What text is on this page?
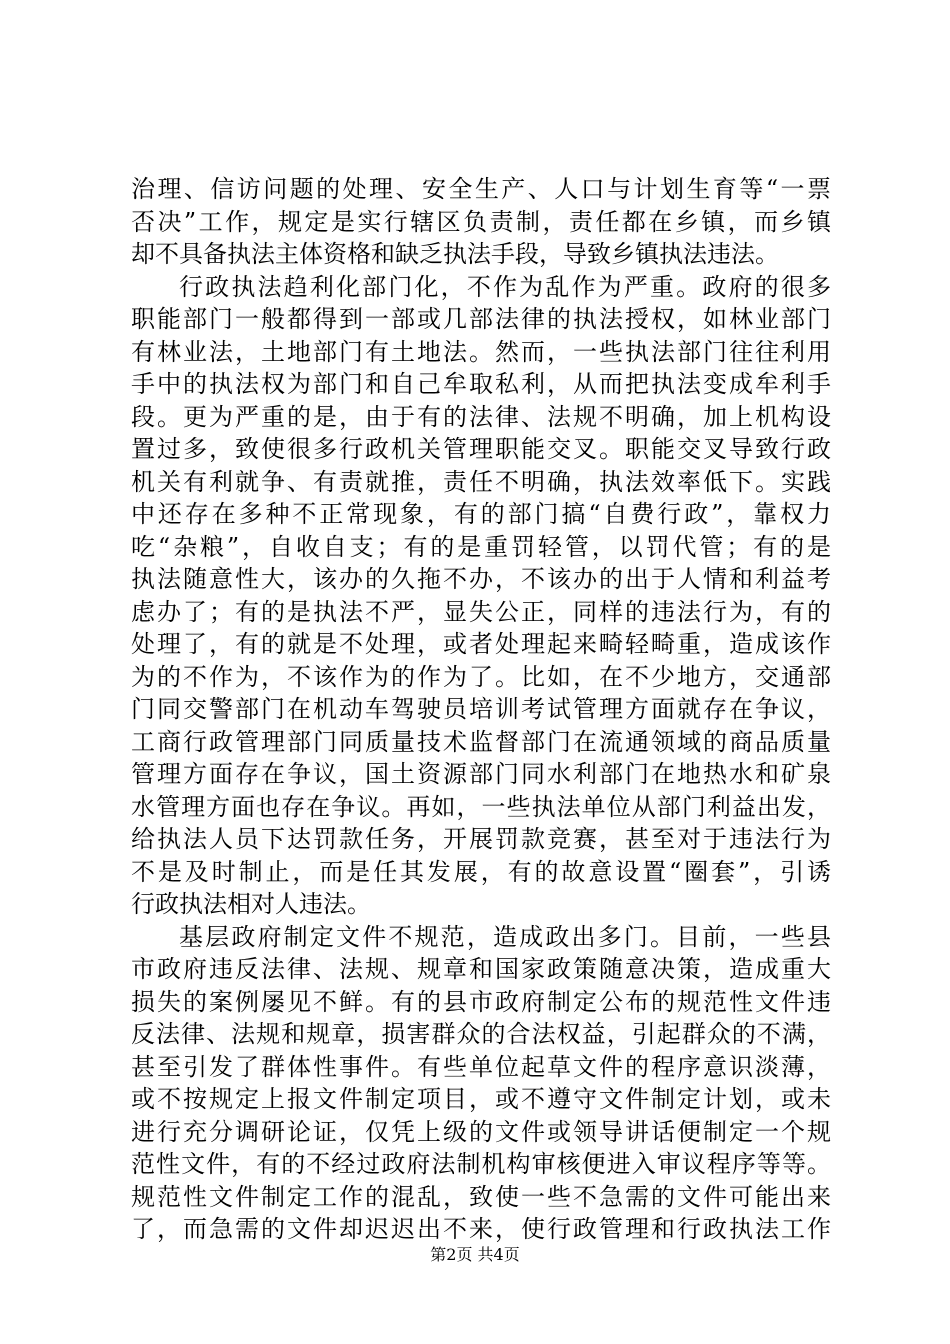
治理、信访问题的处理、安全生产、人口与计划生育等“一票
否决”工作，规定是实行辖区负责制，责任都在乡镇，而乡镇
却不具备执法主体资格和缺乏执法手段，导致乡镇执法违法。
行政执法趋利化部门化，不作为乱作为严重。政府的很多
职能部门一般都得到一部或几部法律的执法授权，如林业部门
有林业法，土地部门有土地法。然而，一些执法部门往往利用
手中的执法权为部门和自己牟取私利，从而把执法变成牟利手
段。更为严重的是，由于有的法律、法规不明确，加上机构设
置过多，致使很多行政机关管理职能交叉。职能交叉导致行政
机关有利就争、有责就推，责任不明确，执法效率低下。实践
中还存在多种不正常现象，有的部门搞“自费行政”，靠权力
吃“杂粮”，自收自支；有的是重罚轻管，以罚代管；有的是
执法随意性大，该办的久拖不办，不该办的出于人情和利益考
虑办了；有的是执法不严，显失公正，同样的违法行为，有的
处理了，有的就是不处理，或者处理起来畸轻畸重，造成该作
为的不作为，不该作为的作为了。比如，在不少地方，交通部
门同交警部门在机动车驾驶员培训考试管理方面就存在争议，
工商行政管理部门同质量技术监督部门在流通领域的商品质量
管理方面存在争议，国土资源部门同水利部门在地热水和矿泉
水管理方面也存在争议。再如，一些执法单位从部门利益出发，
给执法人员下达罚款任务，开展罚款竞赛，甚至对于违法行为
不是及时制止，而是任其发展，有的故意设置“圈套”，引诱
行政执法相对人违法。
基层政府制定文件不规范，造成政出多门。目前，一些县
市政府违反法律、法规、规章和国家政策随意决策，造成重大
损失的案例屡见不鲜。有的县市政府制定公布的规范性文件违
反法律、法规和规章，损害群众的合法权益，引起群众的不满，
甚至引发了群体性事件。有些单位起草文件的程序意识淡薄，
或不按规定上报文件制定项目，或不遵守文件制定计划，或未
进行充分调研论证，仅凭上级的文件或领导讲话便制定一个规
范性文件，有的不经过政府法制机构审核便进入审议程序等等。
规范性文件制定工作的混乱，致使一些不急需的文件可能出来
了，而急需的文件却迟迟出不来，使行政管理和行政执法工作
第2页 共4页
